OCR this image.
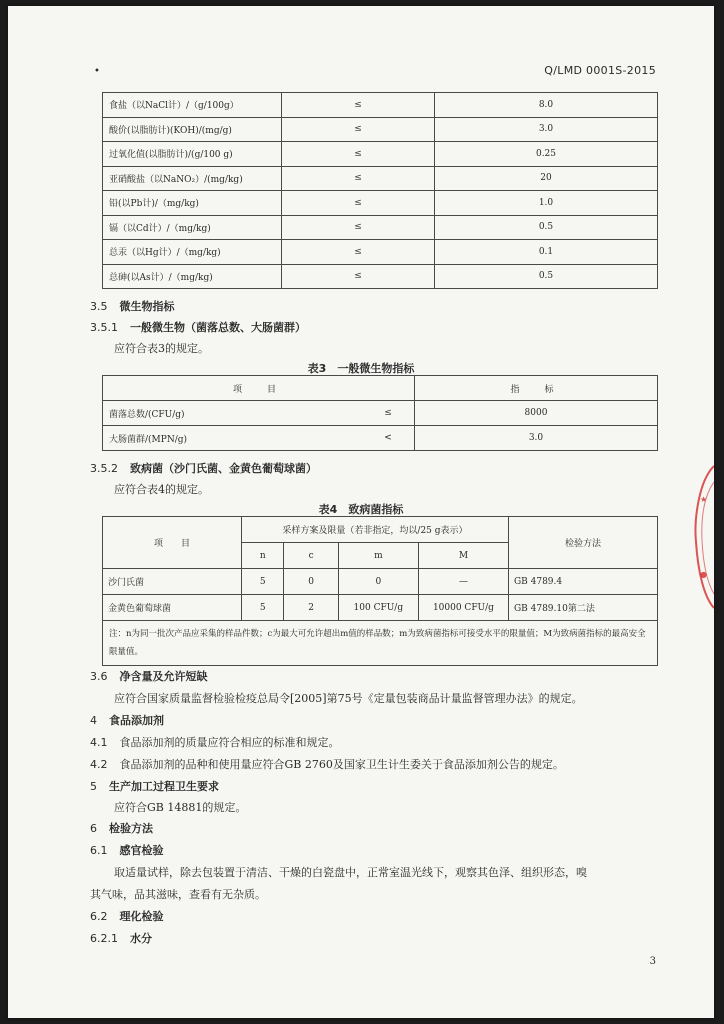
•	Q/LMD 0001S-2015
食盐（以NaCl计）/（g/100g）	≤	8.0
酸价(以脂肪计)(KOH)/(mg/g)	≤	3.0
过氧化值(以脂肪计)/(g/100 g)	≤	0.25
亚硝酸盐（以NaNO₂）/(mg/kg)	≤	20
铅(以Pb计)/（mg/kg)	≤	1.0
镉（以Cd计）/（mg/kg)	≤	0.5
总汞（以Hg计）/（mg/kg)	≤	0.1
总砷(以As计）/（mg/kg)	≤	0.5
3.5 微生物指标
3.5.1 一般微生物（菌落总数、大肠菌群）
应符合表3的规定。
表3　一般微生物指标
项　目		指　标
菌落总数/(CFU/g)	≤	8000
大肠菌群/(MPN/g)	<	3.0
3.5.2 致病菌（沙门氏菌、金黄色葡萄球菌）
应符合表4的规定。
表4　致病菌指标
项　　目	采样方案及限量（若非指定，均以/25 g表示）				检验方法
	n	c	m	M	
沙门氏菌	5	0	0	—	GB 4789.4
金黄色葡萄球菌	5	2	100 CFU/g	10000 CFU/g	GB 4789.10第二法
注：n为同一批次产品应采集的样品件数；c为最大可允许超出m值的样品数；m为致病菌指标可接受水平的限量值；M为致病菌指标的最高安全限量值。					
3.6 净含量及允许短缺
应符合国家质量监督检验检疫总局令[2005]第75号《定量包装商品计量监督管理办法》的规定。
4 食品添加剂
4.1 食品添加剂的质量应符合相应的标准和规定。
4.2 食品添加剂的品种和使用量应符合GB 2760及国家卫生计生委关于食品添加剂公告的规定。
5 生产加工过程卫生要求
应符合GB 14881的规定。
6 检验方法
6.1 感官检验
取适量试样，除去包装置于清洁、干燥的白瓷盘中，正常室温光线下，观察其色泽、组织形态，嗅
其气味，品其滋味，查看有无杂质。
6.2 理化检验
6.2.1 水分
3
★
●
